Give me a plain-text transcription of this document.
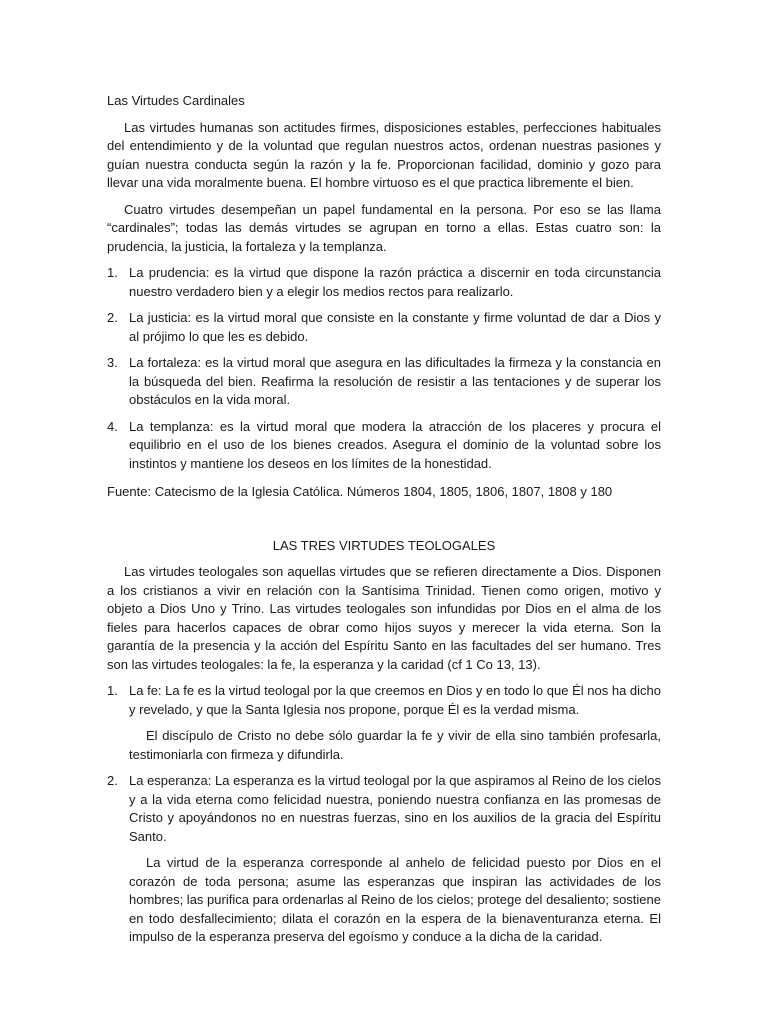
Las Virtudes Cardinales

Las virtudes humanas son actitudes firmes, disposiciones estables, perfecciones habituales del entendimiento y de la voluntad que regulan nuestros actos, ordenan nuestras pasiones y guían nuestra conducta según la razón y la fe. Proporcionan facilidad, dominio y gozo para llevar una vida moralmente buena. El hombre virtuoso es el que practica libremente el bien.

Cuatro virtudes desempeñan un papel fundamental en la persona. Por eso se las llama “cardinales”; todas las demás virtudes se agrupan en torno a ellas. Estas cuatro son: la prudencia, la justicia, la fortaleza y la templanza.

1. La prudencia: es la virtud que dispone la razón práctica a discernir en toda circunstancia nuestro verdadero bien y a elegir los medios rectos para realizarlo.
2. La justicia: es la virtud moral que consiste en la constante y firme voluntad de dar a Dios y al prójimo lo que les es debido.
3. La fortaleza: es la virtud moral que asegura en las dificultades la firmeza y la constancia en la búsqueda del bien. Reafirma la resolución de resistir a las tentaciones y de superar los obstáculos en la vida moral.
4. La templanza: es la virtud moral que modera la atracción de los placeres y procura el equilibrio en el uso de los bienes creados. Asegura el dominio de la voluntad sobre los instintos y mantiene los deseos en los límites de la honestidad.

Fuente: Catecismo de la Iglesia Católica. Números 1804, 1805, 1806, 1807, 1808 y 180

LAS TRES VIRTUDES TEOLOGALES

Las virtudes teologales son aquellas virtudes que se refieren directamente a Dios. Disponen a los cristianos a vivir en relación con la Santísima Trinidad. Tienen como origen, motivo y objeto a Dios Uno y Trino. Las virtudes teologales son infundidas por Dios en el alma de los fieles para hacerlos capaces de obrar como hijos suyos y merecer la vida eterna. Son la garantía de la presencia y la acción del Espíritu Santo en las facultades del ser humano. Tres son las virtudes teologales: la fe, la esperanza y la caridad (cf 1 Co 13, 13).

1. La fe: La fe es la virtud teologal por la que creemos en Dios y en todo lo que Él nos ha dicho y revelado, y que la Santa Iglesia nos propone, porque Él es la verdad misma.

El discípulo de Cristo no debe sólo guardar la fe y vivir de ella sino también profesarla, testimoniarla con firmeza y difundirla.

2. La esperanza: La esperanza es la virtud teologal por la que aspiramos al Reino de los cielos y a la vida eterna como felicidad nuestra, poniendo nuestra confianza en las promesas de Cristo y apoyándonos no en nuestras fuerzas, sino en los auxilios de la gracia del Espíritu Santo.

La virtud de la esperanza corresponde al anhelo de felicidad puesto por Dios en el corazón de toda persona; asume las esperanzas que inspiran las actividades de los hombres; las purifica para ordenarlas al Reino de los cielos; protege del desaliento; sostiene en todo desfallecimiento; dilata el corazón en la espera de la bienaventuranza eterna. El impulso de la esperanza preserva del egoísmo y conduce a la dicha de la caridad.
